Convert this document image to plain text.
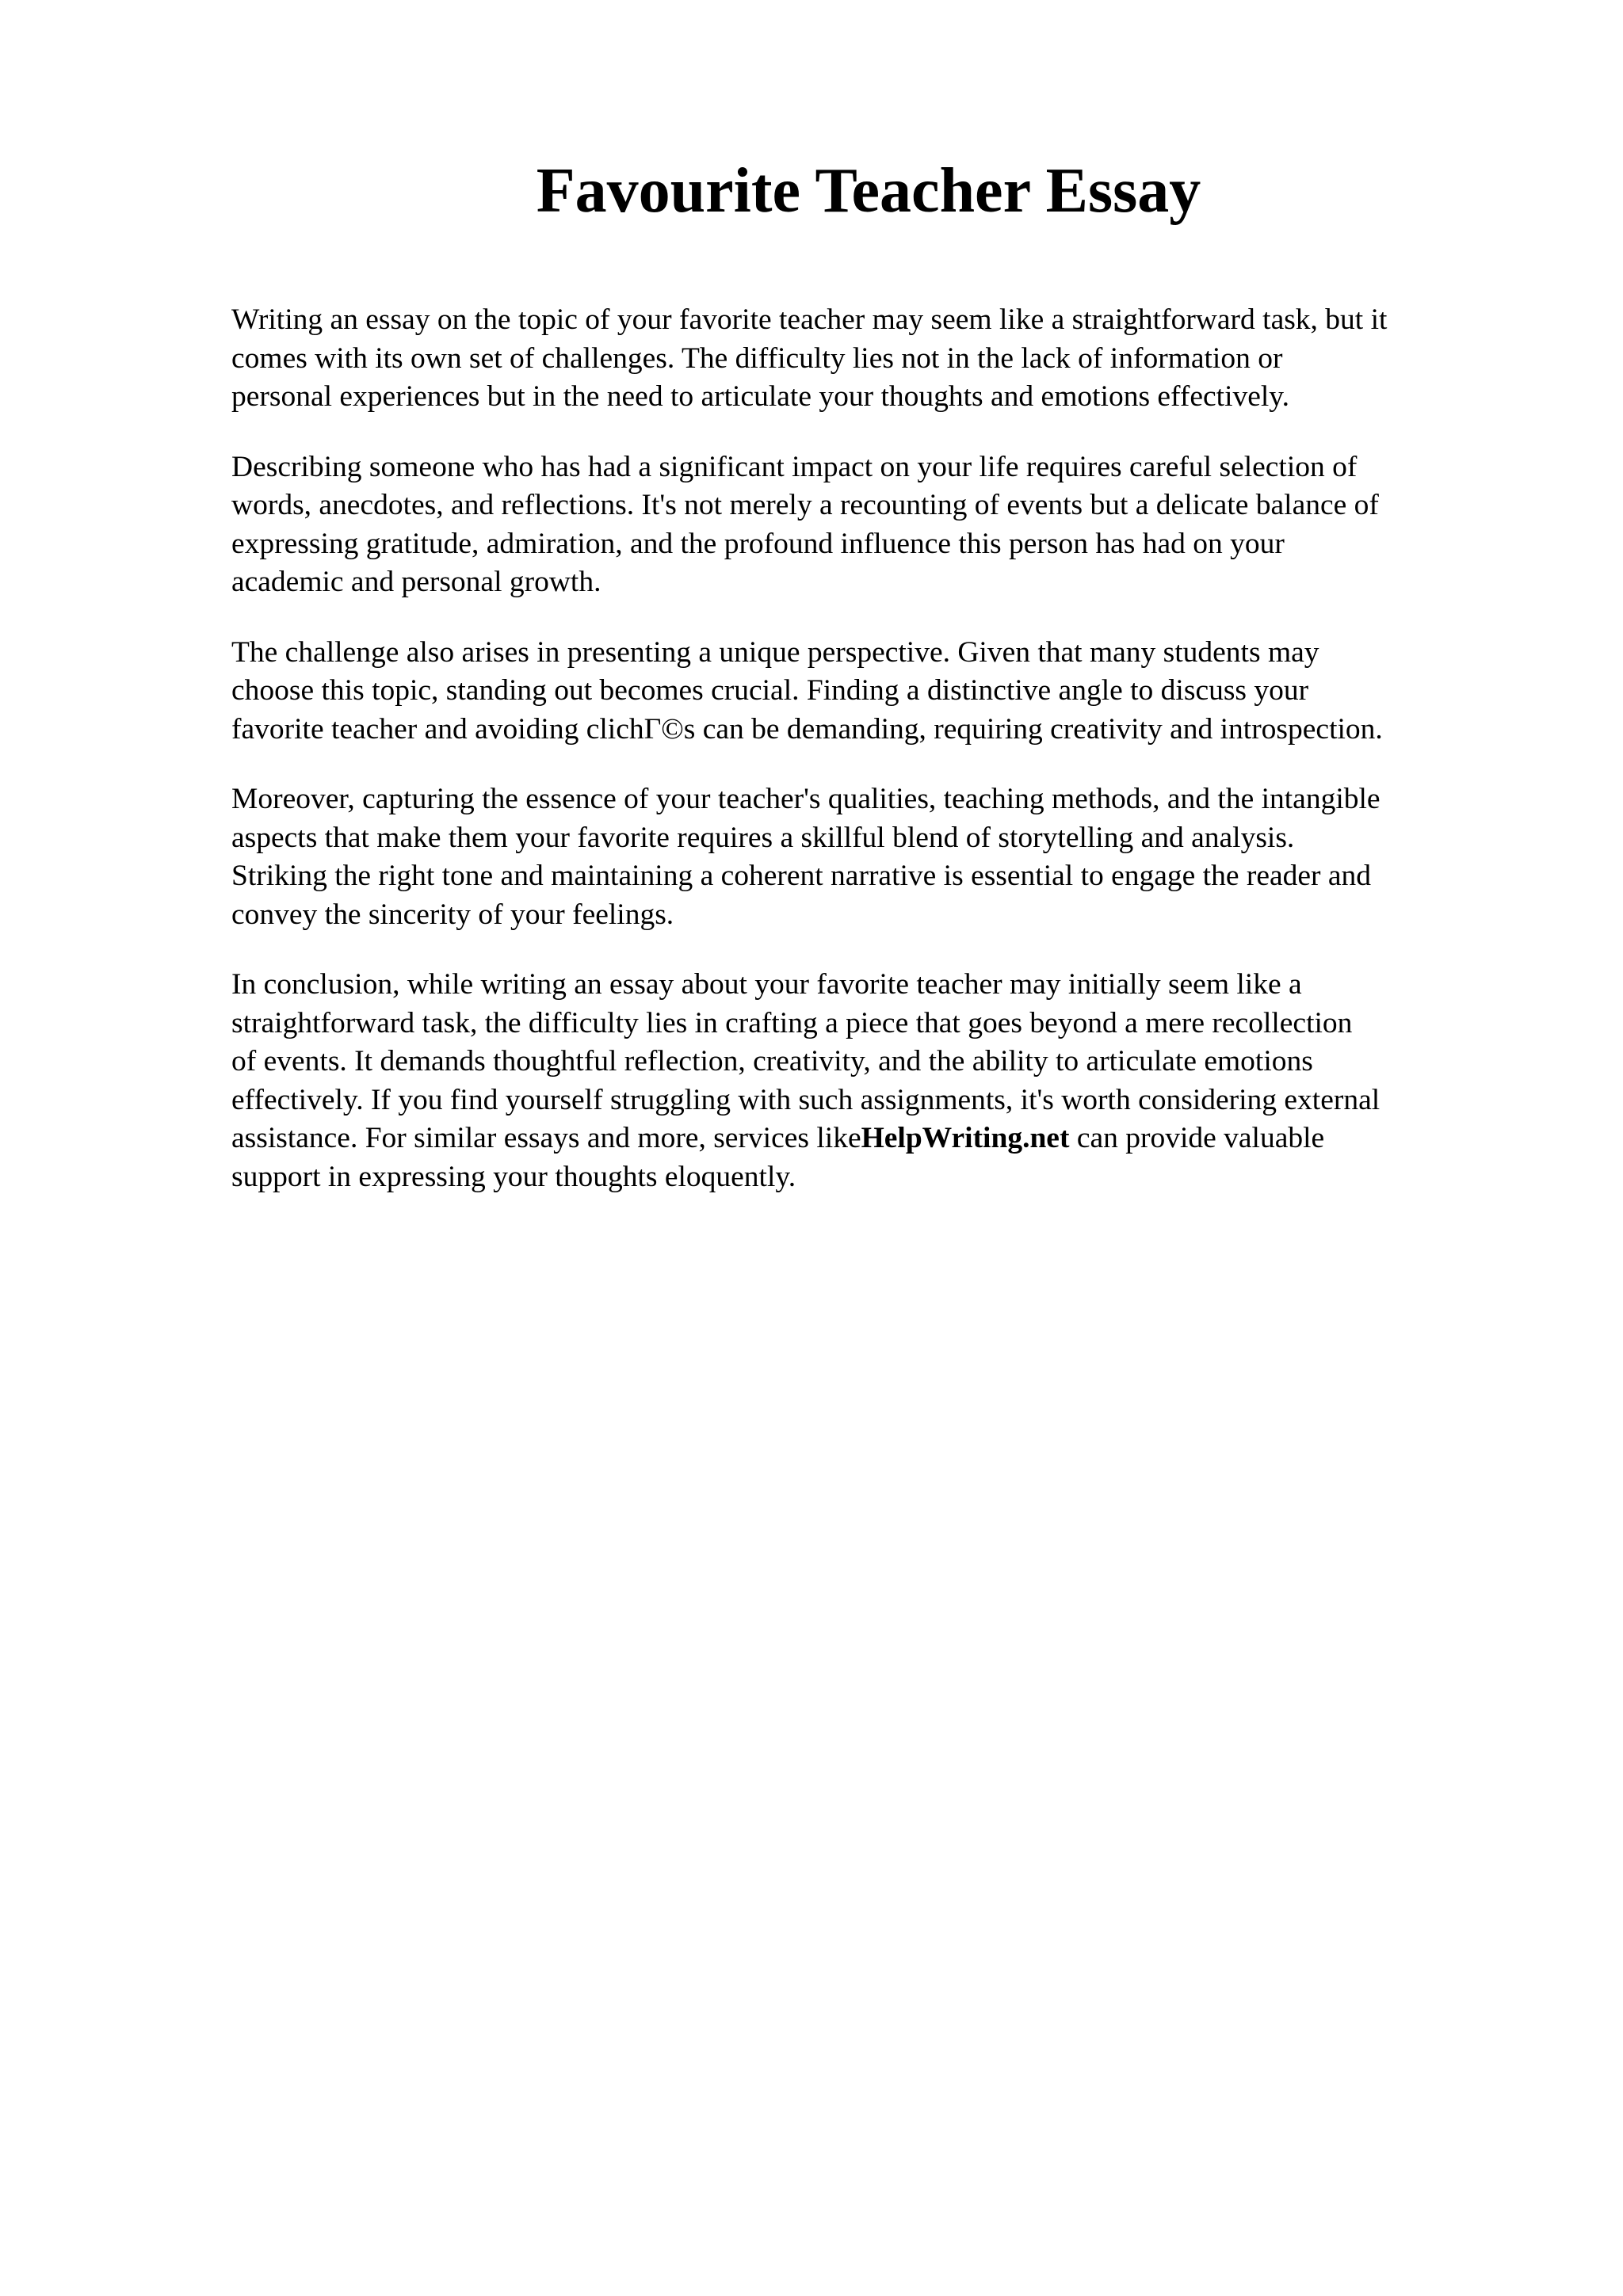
Favourite Teacher Essay

Writing an essay on the topic of your favorite teacher may seem like a straightforward task, but it
comes with its own set of challenges. The difficulty lies not in the lack of information or
personal experiences but in the need to articulate your thoughts and emotions effectively.

Describing someone who has had a significant impact on your life requires careful selection of
words, anecdotes, and reflections. It's not merely a recounting of events but a delicate balance of
expressing gratitude, admiration, and the profound influence this person has had on your
academic and personal growth.

The challenge also arises in presenting a unique perspective. Given that many students may
choose this topic, standing out becomes crucial. Finding a distinctive angle to discuss your
favorite teacher and avoiding clichΓ©s can be demanding, requiring creativity and introspection.

Moreover, capturing the essence of your teacher's qualities, teaching methods, and the intangible
aspects that make them your favorite requires a skillful blend of storytelling and analysis.
Striking the right tone and maintaining a coherent narrative is essential to engage the reader and
convey the sincerity of your feelings.

In conclusion, while writing an essay about your favorite teacher may initially seem like a
straightforward task, the difficulty lies in crafting a piece that goes beyond a mere recollection
of events. It demands thoughtful reflection, creativity, and the ability to articulate emotions
effectively. If you find yourself struggling with such assignments, it's worth considering external
assistance. For similar essays and more, services likeHelpWriting.net can provide valuable
support in expressing your thoughts eloquently.
